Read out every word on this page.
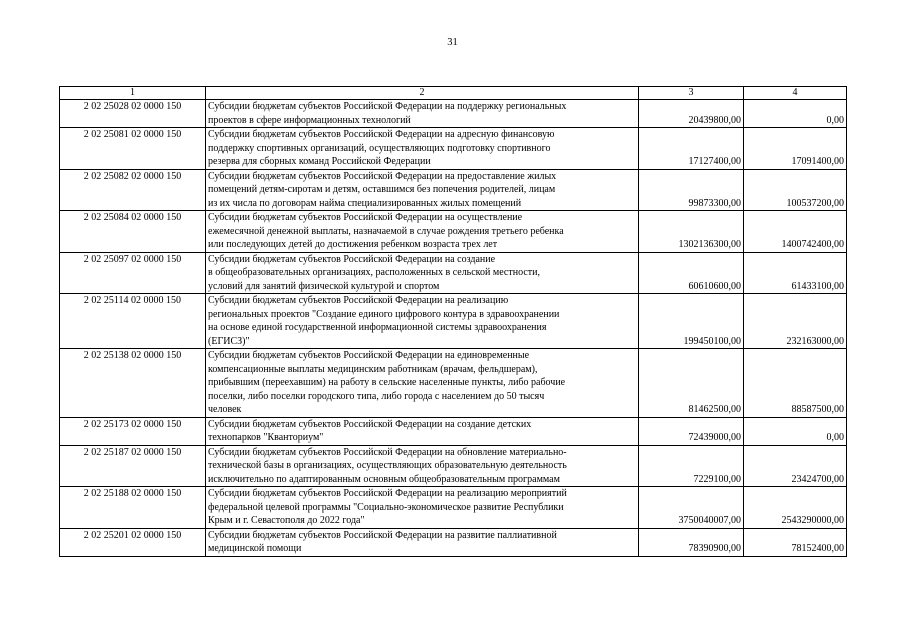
31
1	2	3	4
2 02 25028 02 0000 150	Субсидии бюджетам субъектов Российской Федерации на поддержку региональных
проектов в сфере информационных технологий	20439800,00	0,00
2 02 25081 02 0000 150	Субсидии бюджетам субъектов Российской Федерации на адресную финансовую
поддержку спортивных организаций, осуществляющих подготовку спортивного
резерва для сборных команд Российской Федерации	17127400,00	17091400,00
2 02 25082 02 0000 150	Субсидии бюджетам субъектов Российской Федерации на предоставление жилых
помещений детям-сиротам и детям, оставшимся без попечения родителей, лицам
из их числа по договорам найма специализированных жилых помещений	99873300,00	100537200,00
2 02 25084 02 0000 150	Субсидии бюджетам субъектов Российской Федерации на осуществление
ежемесячной денежной выплаты, назначаемой в случае рождения третьего ребенка
или последующих детей до достижения ребенком возраста трех лет	1302136300,00	1400742400,00
2 02 25097 02 0000 150	Субсидии бюджетам субъектов Российской Федерации на создание
в общеобразовательных организациях, расположенных в сельской местности,
условий для занятий физической культурой и спортом	60610600,00	61433100,00
2 02 25114 02 0000 150	Субсидии бюджетам субъектов Российской Федерации на реализацию
региональных проектов "Создание единого цифрового контура в здравоохранении
на основе единой государственной информационной системы здравоохранения
(ЕГИСЗ)"	199450100,00	232163000,00
2 02 25138 02 0000 150	Субсидии бюджетам субъектов Российской Федерации на единовременные
компенсационные выплаты медицинским работникам (врачам, фельдшерам),
прибывшим (переехавшим) на работу в сельские населенные пункты, либо рабочие
поселки, либо поселки городского типа, либо города с населением до 50 тысяч
человек	81462500,00	88587500,00
2 02 25173 02 0000 150	Субсидии бюджетам субъектов Российской Федерации на создание детских
технопарков "Кванториум"	72439000,00	0,00
2 02 25187 02 0000 150	Субсидии бюджетам субъектов Российской Федерации на обновление материально-
технической базы в организациях, осуществляющих образовательную деятельность
исключительно по адаптированным основным общеобразовательным программам	7229100,00	23424700,00
2 02 25188 02 0000 150	Субсидии бюджетам субъектов Российской Федерации на реализацию мероприятий
федеральной целевой программы "Социально-экономическое развитие Республики
Крым и г. Севастополя до 2022 года"	3750040007,00	2543290000,00
2 02 25201 02 0000 150	Субсидии бюджетам субъектов Российской Федерации на развитие паллиативной
медицинской помощи	78390900,00	78152400,00
